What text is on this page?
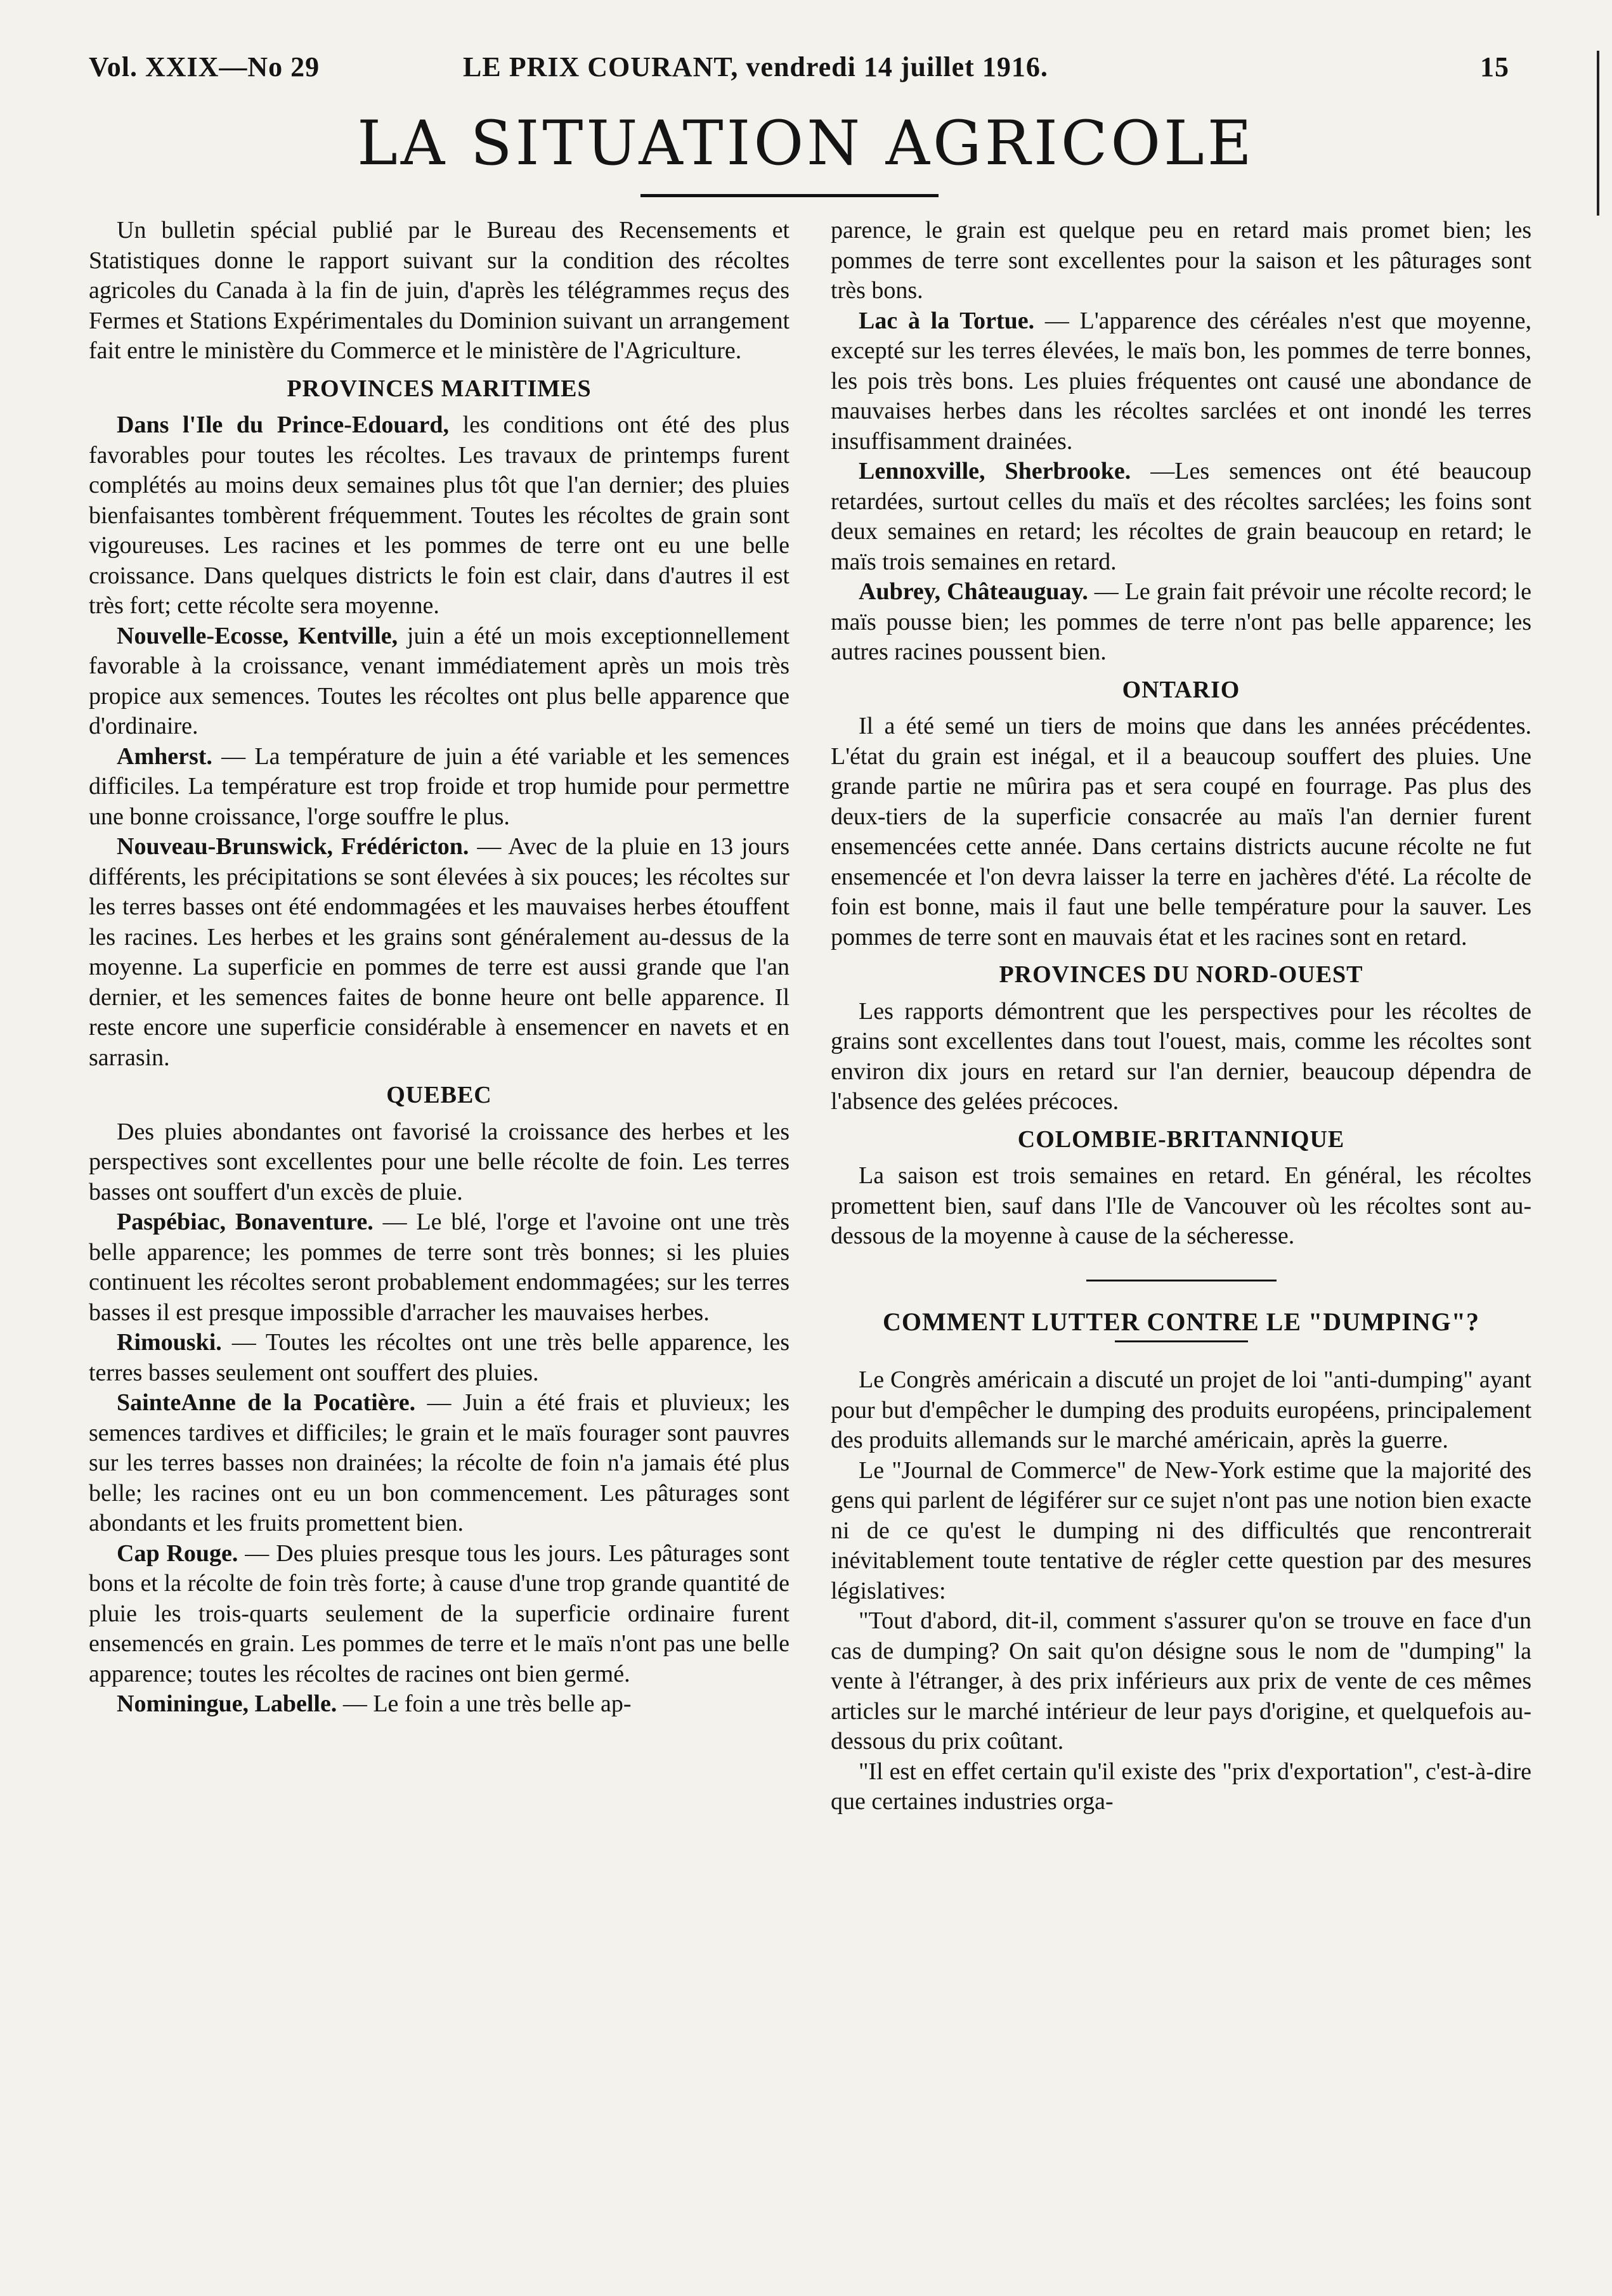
Vol. XXIX—No 29	LE PRIX COURANT, vendredi 14 juillet 1916.	15
LA SITUATION AGRICOLE

Un bulletin spécial publié par le Bureau des Recensements et Statistiques donne le rapport suivant sur la condition des récoltes agricoles du Canada à la fin de juin, d'après les télégrammes reçus des Fermes et Stations Expérimentales du Dominion suivant un arrangement fait entre le ministère du Commerce et le ministère de l'Agriculture.

PROVINCES MARITIMES

Dans l'Ile du Prince-Edouard, les conditions ont été des plus favorables pour toutes les récoltes. Les travaux de printemps furent complétés au moins deux semaines plus tôt que l'an dernier; des pluies bienfaisantes tombèrent fréquemment. Toutes les récoltes de grain sont vigoureuses. Les racines et les pommes de terre ont eu une belle croissance. Dans quelques districts le foin est clair, dans d'autres il est très fort; cette récolte sera moyenne.

Nouvelle-Ecosse, Kentville, juin a été un mois exceptionnellement favorable à la croissance, venant immédiatement après un mois très propice aux semences. Toutes les récoltes ont plus belle apparence que d'ordinaire.

Amherst. — La température de juin a été variable et les semences difficiles. La température est trop froide et trop humide pour permettre une bonne croissance, l'orge souffre le plus.

Nouveau-Brunswick, Frédéricton. — Avec de la pluie en 13 jours différents, les précipitations se sont élevées à six pouces; les récoltes sur les terres basses ont été endommagées et les mauvaises herbes étouffent les racines. Les herbes et les grains sont généralement au-dessus de la moyenne. La superficie en pommes de terre est aussi grande que l'an dernier, et les semences faites de bonne heure ont belle apparence. Il reste encore une superficie considérable à ensemencer en navets et en sarrasin.

QUEBEC

Des pluies abondantes ont favorisé la croissance des herbes et les perspectives sont excellentes pour une belle récolte de foin. Les terres basses ont souffert d'un excès de pluie.

Paspébiac, Bonaventure. — Le blé, l'orge et l'avoine ont une très belle apparence; les pommes de terre sont très bonnes; si les pluies continuent les récoltes seront probablement endommagées; sur les terres basses il est presque impossible d'arracher les mauvaises herbes.

Rimouski. — Toutes les récoltes ont une très belle apparence, les terres basses seulement ont souffert des pluies.

SainteAnne de la Pocatière. — Juin a été frais et pluvieux; les semences tardives et difficiles; le grain et le maïs fourager sont pauvres sur les terres basses non drainées; la récolte de foin n'a jamais été plus belle; les racines ont eu un bon commencement. Les pâturages sont abondants et les fruits promettent bien.

Cap Rouge. — Des pluies presque tous les jours. Les pâturages sont bons et la récolte de foin très forte; à cause d'une trop grande quantité de pluie les trois-quarts seulement de la superficie ordinaire furent ensemencés en grain. Les pommes de terre et le maïs n'ont pas une belle apparence; toutes les récoltes de racines ont bien germé.

Nominingue, Labelle. — Le foin a une très belle ap-

parence, le grain est quelque peu en retard mais promet bien; les pommes de terre sont excellentes pour la saison et les pâturages sont très bons.

Lac à la Tortue. — L'apparence des céréales n'est que moyenne, excepté sur les terres élevées, le maïs bon, les pommes de terre bonnes, les pois très bons. Les pluies fréquentes ont causé une abondance de mauvaises herbes dans les récoltes sarclées et ont inondé les terres insuffisamment drainées.

Lennoxville, Sherbrooke. —Les semences ont été beaucoup retardées, surtout celles du maïs et des récoltes sarclées; les foins sont deux semaines en retard; les récoltes de grain beaucoup en retard; le maïs trois semaines en retard.

Aubrey, Châteauguay. — Le grain fait prévoir une récolte record; le maïs pousse bien; les pommes de terre n'ont pas belle apparence; les autres racines poussent bien.

ONTARIO

Il a été semé un tiers de moins que dans les années précédentes. L'état du grain est inégal, et il a beaucoup souffert des pluies. Une grande partie ne mûrira pas et sera coupé en fourrage. Pas plus des deux-tiers de la superficie consacrée au maïs l'an dernier furent ensemencées cette année. Dans certains districts aucune récolte ne fut ensemencée et l'on devra laisser la terre en jachères d'été. La récolte de foin est bonne, mais il faut une belle température pour la sauver. Les pommes de terre sont en mauvais état et les racines sont en retard.

PROVINCES DU NORD-OUEST

Les rapports démontrent que les perspectives pour les récoltes de grains sont excellentes dans tout l'ouest, mais, comme les récoltes sont environ dix jours en retard sur l'an dernier, beaucoup dépendra de l'absence des gelées précoces.

COLOMBIE-BRITANNIQUE

La saison est trois semaines en retard. En général, les récoltes promettent bien, sauf dans l'Ile de Vancouver où les récoltes sont au-dessous de la moyenne à cause de la sécheresse.

COMMENT LUTTER CONTRE LE "DUMPING"?

Le Congrès américain a discuté un projet de loi "anti-dumping" ayant pour but d'empêcher le dumping des produits européens, principalement des produits allemands sur le marché américain, après la guerre.

Le "Journal de Commerce" de New-York estime que la majorité des gens qui parlent de légiférer sur ce sujet n'ont pas une notion bien exacte ni de ce qu'est le dumping ni des difficultés que rencontrerait inévitablement toute tentative de régler cette question par des mesures législatives:

"Tout d'abord, dit-il, comment s'assurer qu'on se trouve en face d'un cas de dumping? On sait qu'on désigne sous le nom de "dumping" la vente à l'étranger, à des prix inférieurs aux prix de vente de ces mêmes articles sur le marché intérieur de leur pays d'origine, et quelquefois au-dessous du prix coûtant.

"Il est en effet certain qu'il existe des "prix d'exportation", c'est-à-dire que certaines industries orga-
